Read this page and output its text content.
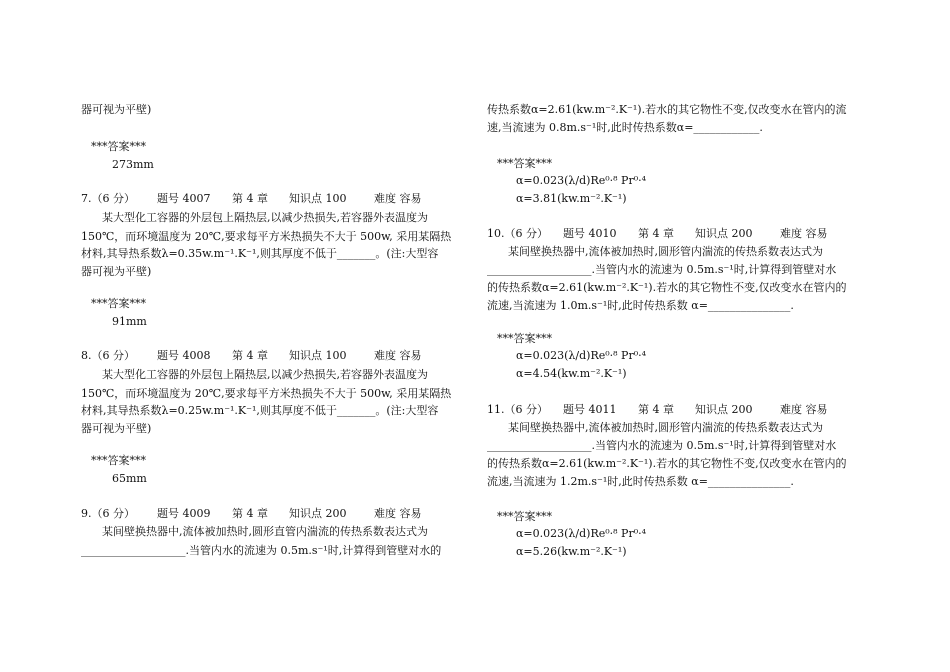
器可视为平壁)
***答案***
273mm
7.（6 分） 题号 4007 第 4 章 知识点 100	难度 容易
某大型化工容器的外层包上隔热层,以减少热损失,若容器外表温度为
150℃，而环境温度为 20℃,要求每平方米热损失不大于 500w, 采用某隔热
材料,其导热系数λ=0.35w.m⁻¹.K⁻¹,则其厚度不低于_______。(注:大型容
器可视为平壁)
***答案***
91mm
8.（6 分） 题号 4008 第 4 章 知识点 100	难度 容易
某大型化工容器的外层包上隔热层,以减少热损失,若容器外表温度为
150℃，而环境温度为 20℃,要求每平方米热损失不大于 500w, 采用某隔热
材料,其导热系数λ=0.25w.m⁻¹.K⁻¹,则其厚度不低于_______。(注:大型容
器可视为平壁)
***答案***
65mm
9.（6 分） 题号 4009 第 4 章 知识点 200	难度 容易
某间壁换热器中,流体被加热时,圆形直管内湍流的传热系数表达式为
___________________.当管内水的流速为 0.5m.s⁻¹时,计算得到管壁对水的
传热系数α=2.61(kw.m⁻².K⁻¹).若水的其它物性不变,仅改变水在管内的流
速,当流速为 0.8m.s⁻¹时,此时传热系数α=____________.
***答案***
α=0.023(λ/d)Re⁰·⁸ Pr⁰·⁴
α=3.81(kw.m⁻².K⁻¹)
10.（6 分） 题号 4010 第 4 章 知识点 200	难度 容易
某间壁换热器中,流体被加热时,圆形管内湍流的传热系数表达式为
___________________.当管内水的流速为 0.5m.s⁻¹时,计算得到管壁对水
的传热系数α=2.61(kw.m⁻².K⁻¹).若水的其它物性不变,仅改变水在管内的
流速,当流速为 1.0m.s⁻¹时,此时传热系数 α=_______________.
***答案***
α=0.023(λ/d)Re⁰·⁸ Pr⁰·⁴
α=4.54(kw.m⁻².K⁻¹)
11.（6 分） 题号 4011 第 4 章 知识点 200	难度 容易
某间壁换热器中,流体被加热时,圆形管内湍流的传热系数表达式为
___________________.当管内水的流速为 0.5m.s⁻¹时,计算得到管壁对水
的传热系数α=2.61(kw.m⁻².K⁻¹).若水的其它物性不变,仅改变水在管内的
流速,当流速为 1.2m.s⁻¹时,此时传热系数 α=_______________.
***答案***
α=0.023(λ/d)Re⁰·⁸ Pr⁰·⁴
α=5.26(kw.m⁻².K⁻¹)
